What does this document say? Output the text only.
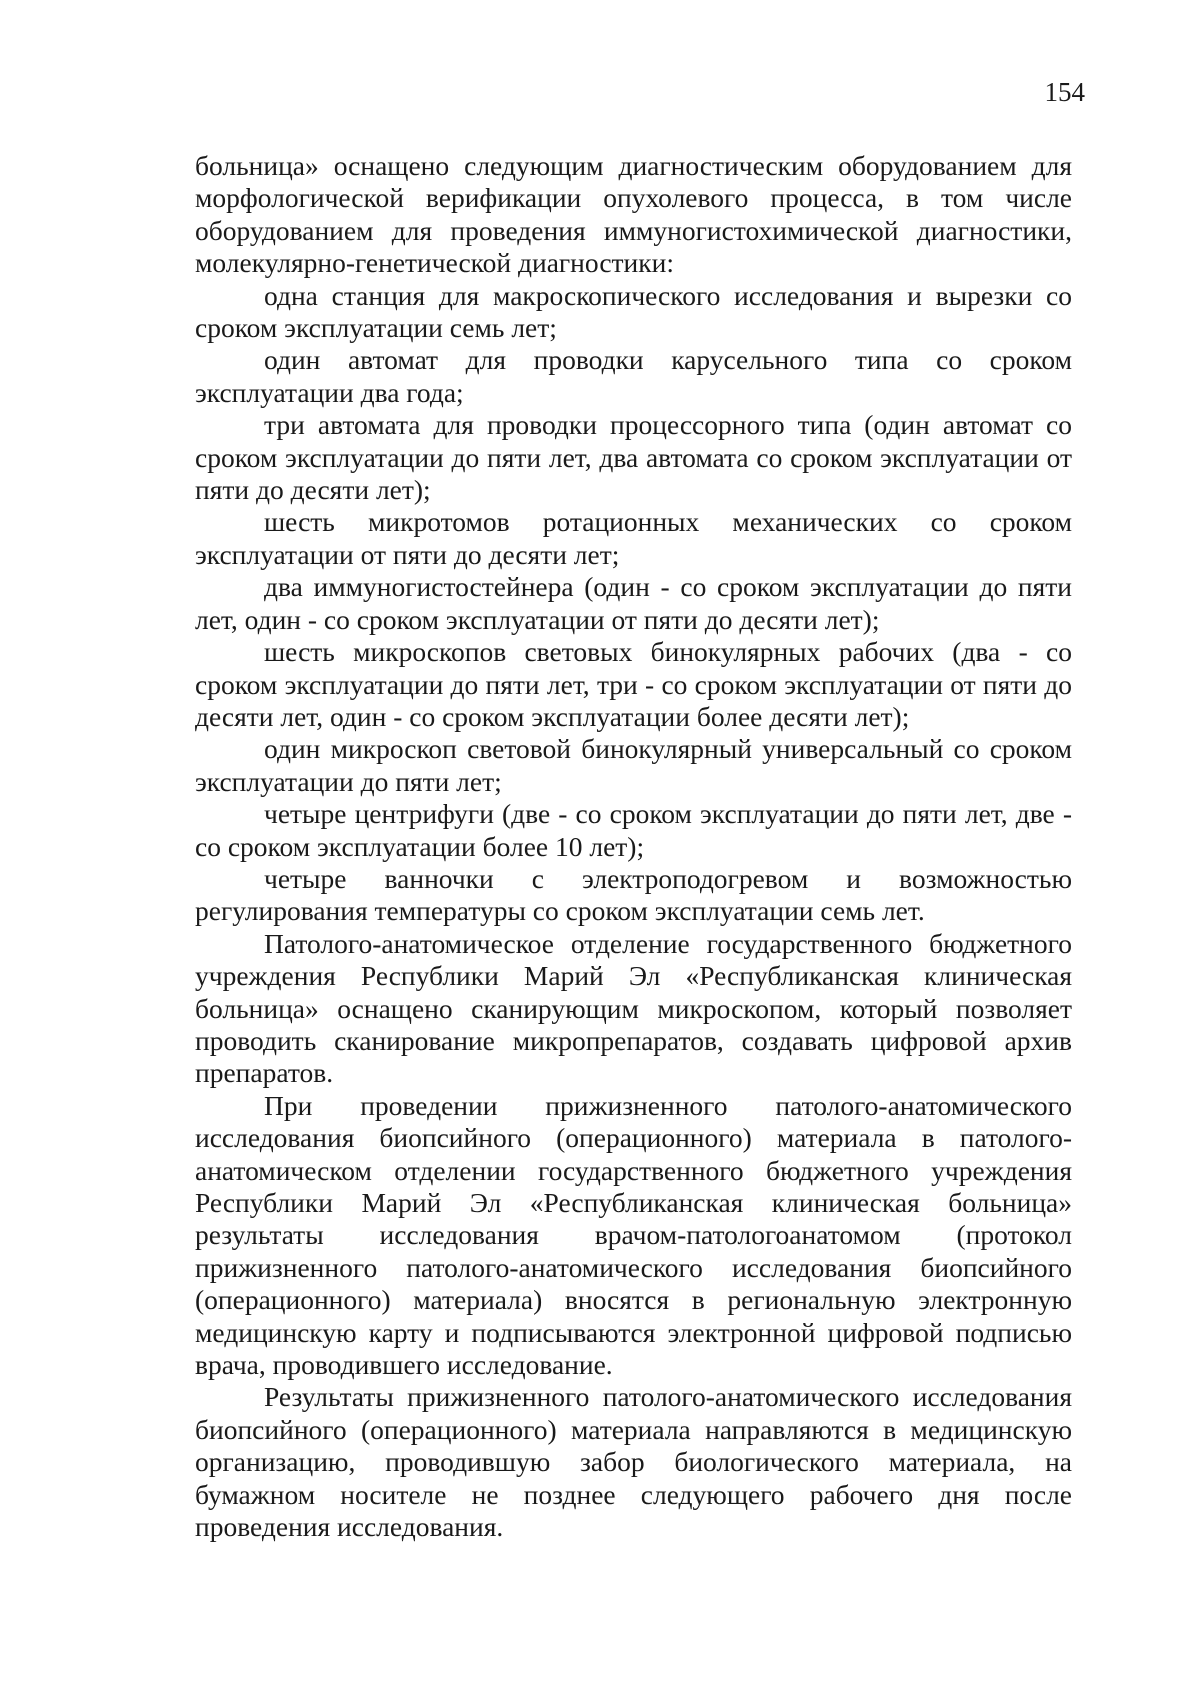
154

больница» оснащено следующим диагностическим оборудованием для морфологической верификации опухолевого процесса, в том числе оборудованием для проведения иммуногистохимической диагностики, молекулярно-генетической диагностики:

одна станция для макроскопического исследования и вырезки со сроком эксплуатации семь лет;

один автомат для проводки карусельного типа со сроком эксплуатации два года;

три автомата для проводки процессорного типа (один автомат со сроком эксплуатации до пяти лет, два автомата со сроком эксплуатации от пяти до десяти лет);

шесть микротомов ротационных механических со сроком эксплуатации от пяти до десяти лет;

два иммуногистостейнера (один - со сроком эксплуатации до пяти лет, один - со сроком эксплуатации от пяти до десяти лет);

шесть микроскопов световых бинокулярных рабочих (два - со сроком эксплуатации до пяти лет, три - со сроком эксплуатации от пяти до десяти лет, один - со сроком эксплуатации более десяти лет);

один микроскоп световой бинокулярный универсальный со сроком эксплуатации до пяти лет;

четыре центрифуги (две - со сроком эксплуатации до пяти лет, две - со сроком эксплуатации более 10 лет);

четыре ванночки с электроподогревом и возможностью регулирования температуры со сроком эксплуатации семь лет.

Патолого-анатомическое отделение государственного бюджетного учреждения Республики Марий Эл «Республиканская клиническая больница» оснащено сканирующим микроскопом, который позволяет проводить сканирование микропрепаратов, создавать цифровой архив препаратов.

При проведении прижизненного патолого-анатомического исследования биопсийного (операционного) материала в патолого-анатомическом отделении государственного бюджетного учреждения Республики Марий Эл «Республиканская клиническая больница» результаты исследования врачом-патологоанатомом (протокол прижизненного патолого-анатомического исследования биопсийного (операционного) материала) вносятся в региональную электронную медицинскую карту и подписываются электронной цифровой подписью врача, проводившего исследование.

Результаты прижизненного патолого-анатомического исследования биопсийного (операционного) материала направляются в медицинскую организацию, проводившую забор биологического материала, на бумажном носителе не позднее следующего рабочего дня после проведения исследования.
